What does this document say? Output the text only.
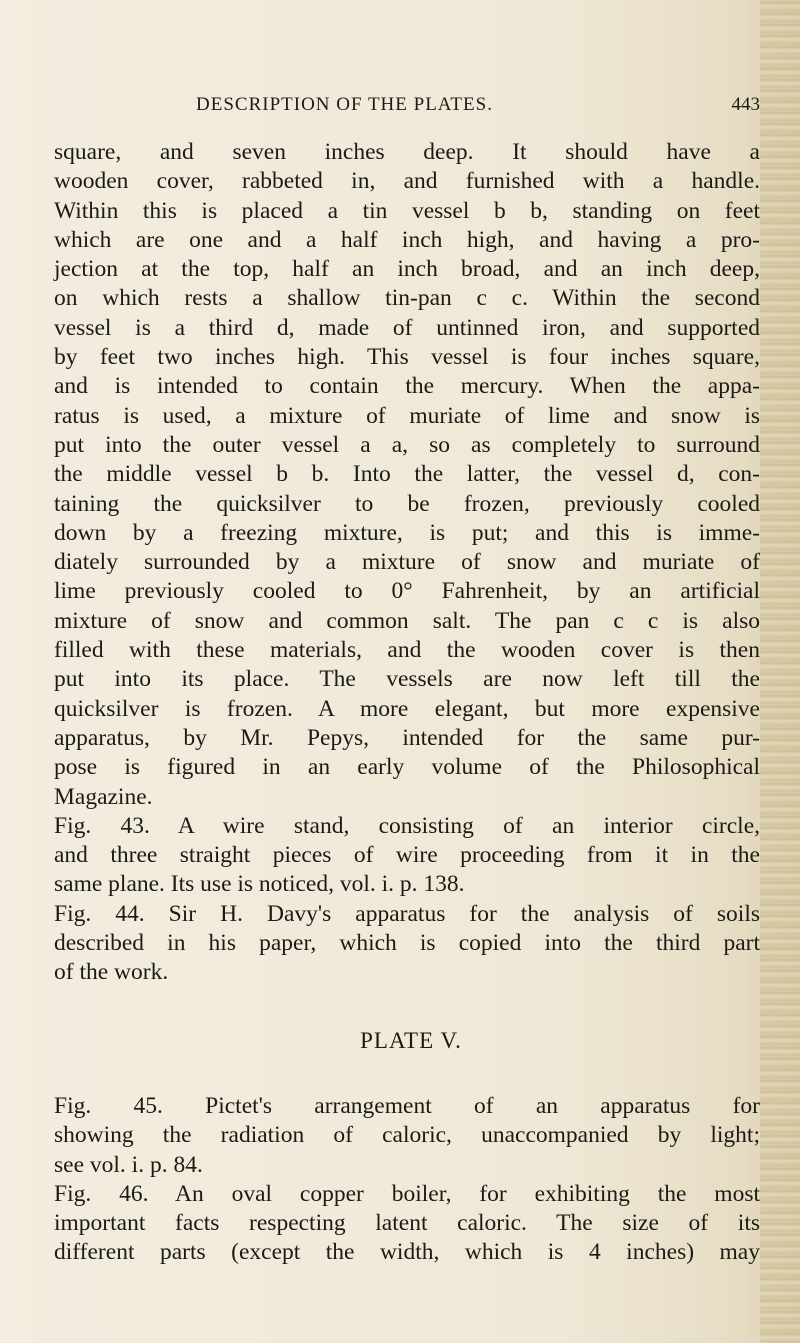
DESCRIPTION OF THE PLATES.	443
square, and seven inches deep. It should have a
wooden cover, rabbeted in, and furnished with a handle.
Within this is placed a tin vessel b b, standing on feet
which are one and a half inch high, and having a pro-
jection at the top, half an inch broad, and an inch deep,
on which rests a shallow tin-pan c c. Within the second
vessel is a third d, made of untinned iron, and supported
by feet two inches high. This vessel is four inches square,
and is intended to contain the mercury. When the appa-
ratus is used, a mixture of muriate of lime and snow is
put into the outer vessel a a, so as completely to surround
the middle vessel b b. Into the latter, the vessel d, con-
taining the quicksilver to be frozen, previously cooled
down by a freezing mixture, is put; and this is imme-
diately surrounded by a mixture of snow and muriate of
lime previously cooled to 0° Fahrenheit, by an artificial
mixture of snow and common salt. The pan c c is also
filled with these materials, and the wooden cover is then
put into its place. The vessels are now left till the
quicksilver is frozen. A more elegant, but more expensive
apparatus, by Mr. Pepys, intended for the same pur-
pose is figured in an early volume of the Philosophical
Magazine.
Fig. 43. A wire stand, consisting of an interior circle,
and three straight pieces of wire proceeding from it in the
same plane. Its use is noticed, vol. i. p. 138.
Fig. 44. Sir H. Davy's apparatus for the analysis of soils
described in his paper, which is copied into the third part
of the work.
PLATE V.
Fig. 45. Pictet's arrangement of an apparatus for
showing the radiation of caloric, unaccompanied by light;
see vol. i. p. 84.
Fig. 46. An oval copper boiler, for exhibiting the most
important facts respecting latent caloric. The size of its
different parts (except the width, which is 4 inches) may
